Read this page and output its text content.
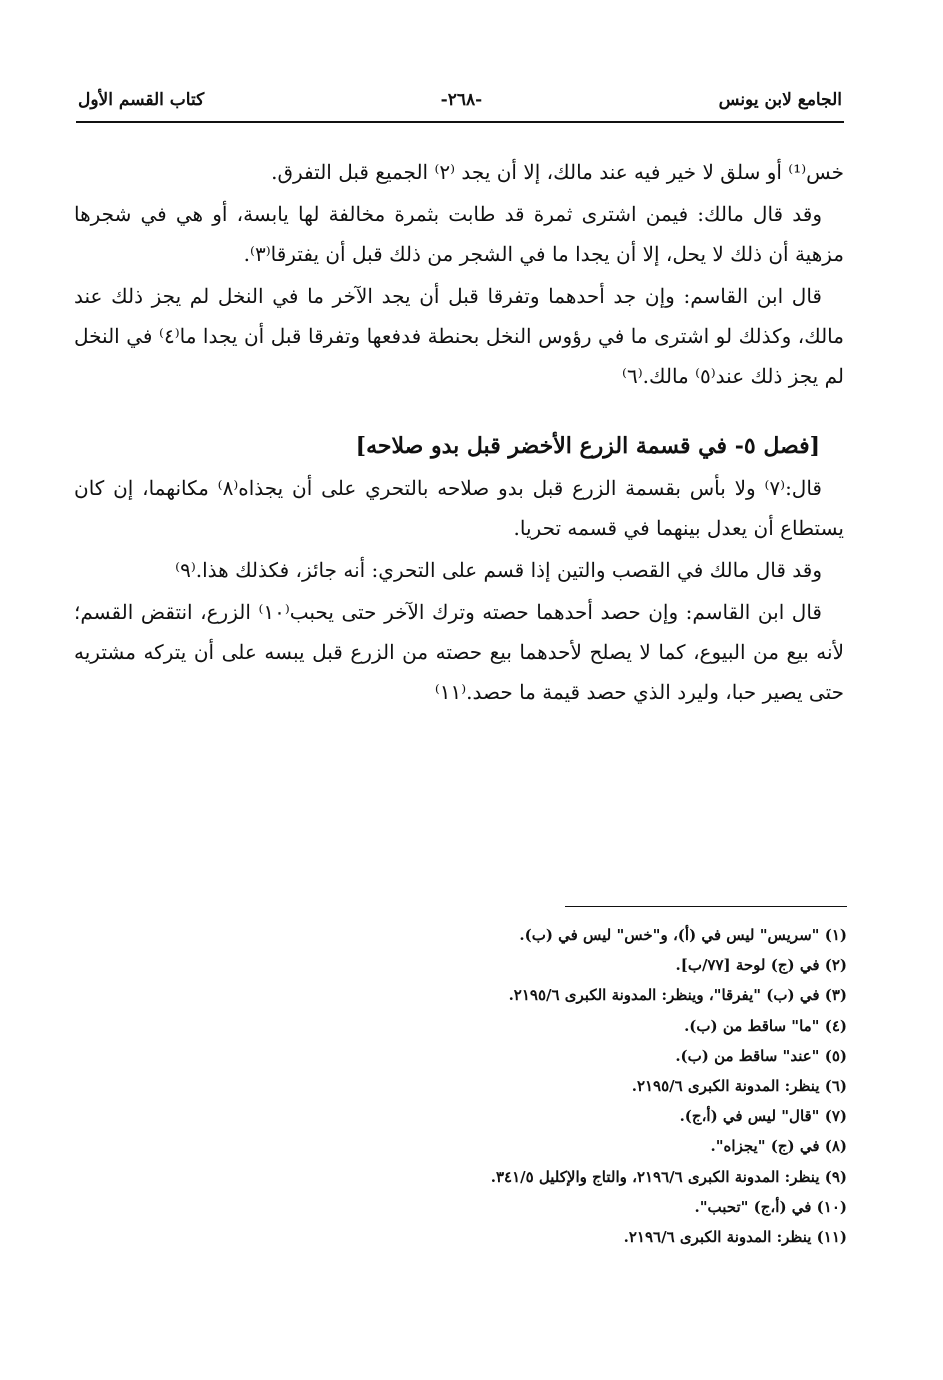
الجامع لابن يونس
-٢٦٨-
كتاب القسم الأول

خس⁽¹⁾ أو سلق لا خير فيه عند مالك، إلا أن يجد ⁽٢⁾ الجميع قبل التفرق.

وقد قال مالك: فيمن اشترى ثمرة قد طابت بثمرة مخالفة لها يابسة، أو هي في شجرها مزهية أن ذلك لا يحل، إلا أن يجدا ما في الشجر من ذلك قبل أن يفترقا⁽٣⁾.

قال ابن القاسم: وإن جد أحدهما وتفرقا قبل أن يجد الآخر ما في النخل لم يجز ذلك عند مالك، وكذلك لو اشترى ما في رؤوس النخل بحنطة فدفعها وتفرقا قبل أن يجدا ما⁽٤⁾ في النخل لم يجز ذلك عند⁽٥⁾ مالك.⁽٦⁾

[فصل ٥- في قسمة الزرع الأخضر قبل بدو صلاحه]

قال:⁽٧⁾ ولا بأس بقسمة الزرع قبل بدو صلاحه بالتحري على أن يجذاه⁽٨⁾ مكانهما، إن كان يستطاع أن يعدل بينهما في قسمه تحريا.

وقد قال مالك في القصب والتين إذا قسم على التحري: أنه جائز، فكذلك هذا.⁽٩⁾

قال ابن القاسم: وإن حصد أحدهما حصته وترك الآخر حتى يحبب⁽١٠⁾ الزرع، انتقض القسم؛ لأنه بيع من البيوع، كما لا يصلح لأحدهما بيع حصته من الزرع قبل يبسه على أن يتركه مشتريه حتى يصير حبا، وليرد الذي حصد قيمة ما حصد.⁽١١⁾

(١) "سريس" ليس في (أ)، و"خس" ليس في (ب).
(٢) في (ج) لوحة [٧٧/ب].
(٣) في (ب) "يفرقا"، وينظر: المدونة الكبرى ٢١٩٥/٦.
(٤) "ما" ساقط من (ب).
(٥) "عند" ساقط من (ب).
(٦) ينظر: المدونة الكبرى ٢١٩٥/٦.
(٧) "قال" ليس في (أ،ج).
(٨) في (ج) "يجزاه".
(٩) ينظر: المدونة الكبرى ٢١٩٦/٦، والتاج والإكليل ٣٤١/٥.
(١٠) في (أ،ج) "تحبب".
(١١) ينظر: المدونة الكبرى ٢١٩٦/٦.
